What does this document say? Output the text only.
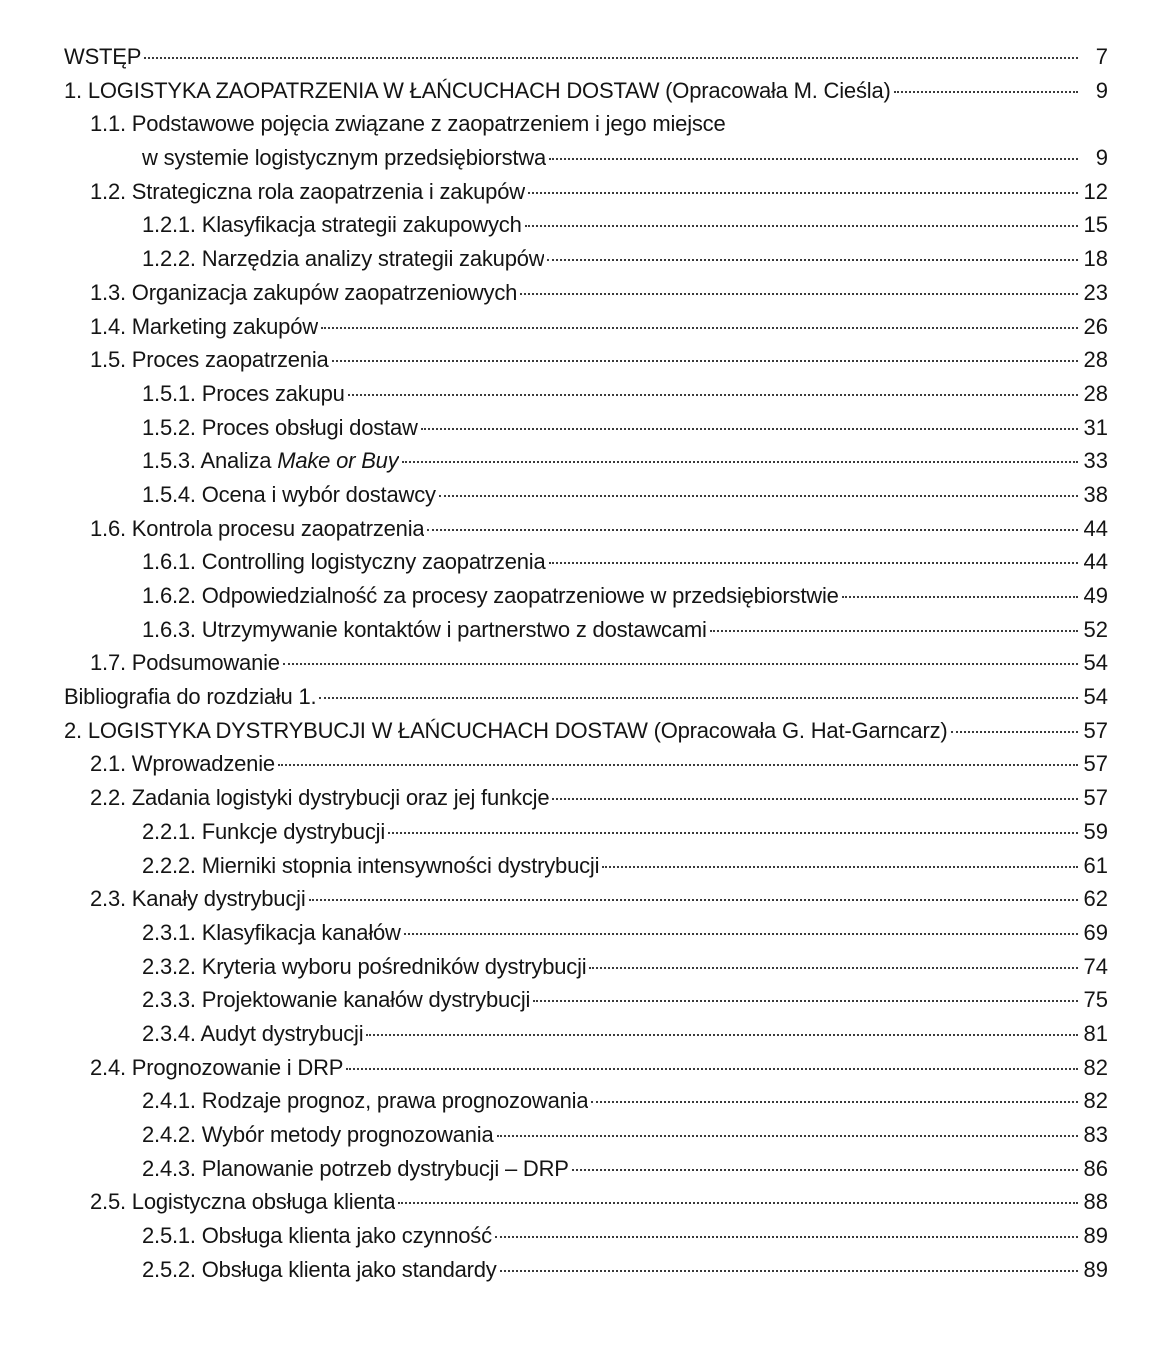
WSTĘP	7
1. LOGISTYKA ZAOPATRZENIA W ŁAŃCUCHACH DOSTAW (Opracowała M. Cieśla)	9
1.1. Podstawowe pojęcia związane z zaopatrzeniem i jego miejsce
w systemie logistycznym przedsiębiorstwa	9
1.2. Strategiczna rola zaopatrzenia i zakupów	12
1.2.1. Klasyfikacja strategii zakupowych	15
1.2.2. Narzędzia analizy strategii zakupów	18
1.3. Organizacja zakupów zaopatrzeniowych	23
1.4. Marketing zakupów	26
1.5. Proces zaopatrzenia	28
1.5.1. Proces zakupu	28
1.5.2. Proces obsługi dostaw	31
1.5.3. Analiza Make or Buy	33
1.5.4. Ocena i wybór dostawcy	38
1.6. Kontrola procesu zaopatrzenia	44
1.6.1. Controlling logistyczny zaopatrzenia	44
1.6.2. Odpowiedzialność za procesy zaopatrzeniowe w przedsiębiorstwie	49
1.6.3. Utrzymywanie kontaktów i partnerstwo z dostawcami	52
1.7. Podsumowanie	54
Bibliografia do rozdziału 1.	54
2. LOGISTYKA DYSTRYBUCJI W ŁAŃCUCHACH DOSTAW (Opracowała G. Hat-Garncarz)	57
2.1. Wprowadzenie	57
2.2. Zadania logistyki dystrybucji oraz jej funkcje	57
2.2.1. Funkcje dystrybucji	59
2.2.2. Mierniki stopnia intensywności dystrybucji	61
2.3. Kanały dystrybucji	62
2.3.1. Klasyfikacja kanałów	69
2.3.2. Kryteria wyboru pośredników dystrybucji	74
2.3.3. Projektowanie kanałów dystrybucji	75
2.3.4. Audyt dystrybucji	81
2.4. Prognozowanie i DRP	82
2.4.1. Rodzaje prognoz, prawa prognozowania	82
2.4.2. Wybór metody prognozowania	83
2.4.3. Planowanie potrzeb dystrybucji – DRP	86
2.5. Logistyczna obsługa klienta	88
2.5.1. Obsługa klienta jako czynność	89
2.5.2. Obsługa klienta jako standardy	89
